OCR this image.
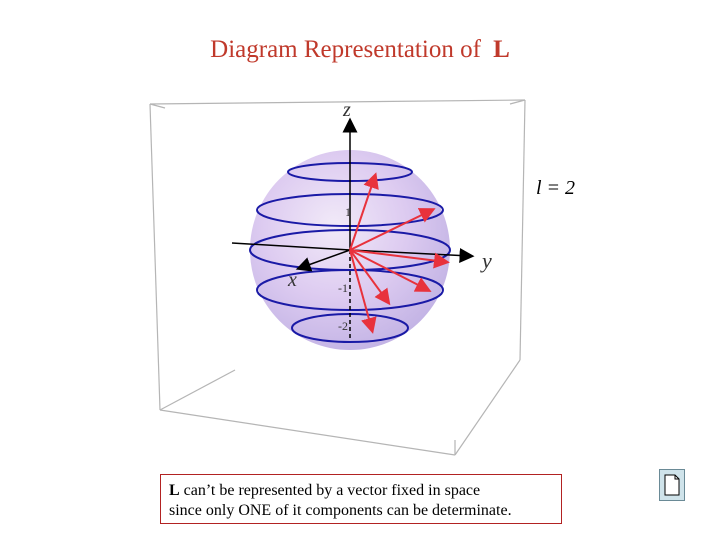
Diagram Representation of L
z
y
x
1
-1
-2
l = 2
L can’t be represented by a vector fixed in space
since only ONE of it components can be determinate.
